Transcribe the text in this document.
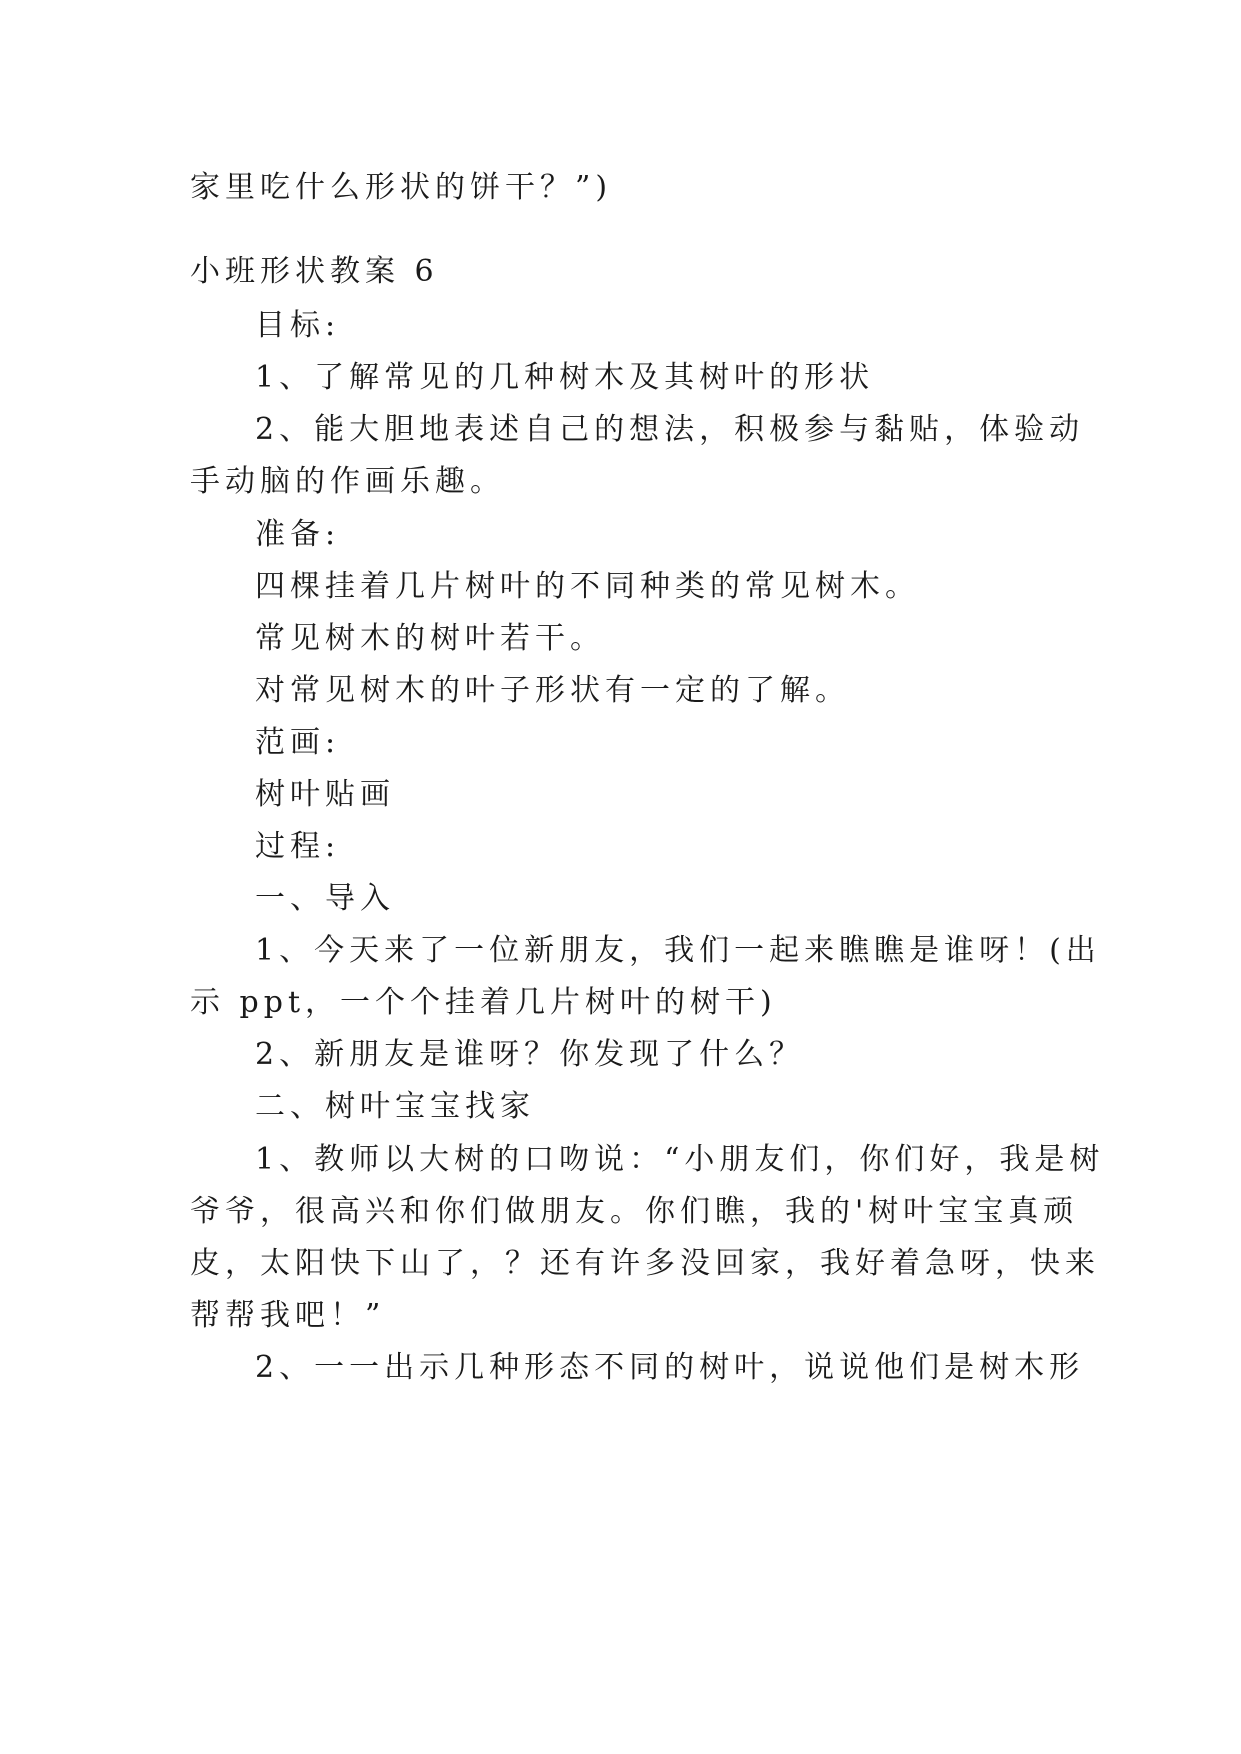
家里吃什么形状的饼干？”)
小班形状教案 6
目标:
1、了解常见的几种树木及其树叶的形状
2、能大胆地表述自己的想法，积极参与黏贴，体验动
手动脑的作画乐趣。
准备:
四棵挂着几片树叶的不同种类的常见树木。
常见树木的树叶若干。
对常见树木的叶子形状有一定的了解。
范画:
树叶贴画
过程:
一、导入
1、今天来了一位新朋友，我们一起来瞧瞧是谁呀！(出
示 ppt，一个个挂着几片树叶的树干)
2、新朋友是谁呀？你发现了什么？
二、树叶宝宝找家
1、教师以大树的口吻说：“小朋友们，你们好，我是树
爷爷，很高兴和你们做朋友。你们瞧，我的'树叶宝宝真顽
皮，太阳快下山了，？还有许多没回家，我好着急呀，快来
帮帮我吧！”
2、一一出示几种形态不同的树叶，说说他们是树木形
